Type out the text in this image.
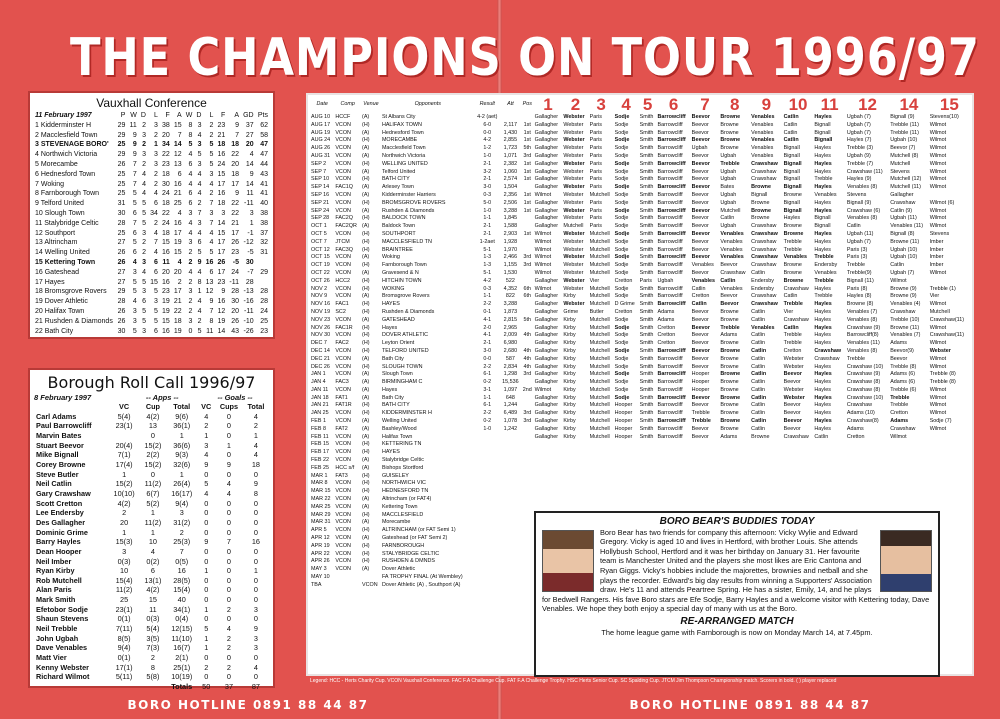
THE CHAMPIONS ON TOUR 1996/97
Vauxhall Conference
11 February 1997	P	W	D	L	F	A	W	D	L	F	A	GD	Pts
1 Kidderminster H	29	11	2	3	38	15	8	3	2	23	9	37	62
2 Macclesfield Town	29	9	3	2	20	7	8	4	2	21	7	27	58
3 STEVENAGE BORO'	25	9	2	1	34	14	5	3	5	18	18	20	47
4 Northwich Victoria	29	9	3	3	22	12	4	5	5	16	22	4	47
5 Morecambe	26	7	2	3	23	13	6	3	5	24	20	14	44
6 Hednesford Town	25	7	4	2	18	6	4	4	3	15	18	9	43
7 Woking	25	7	4	2	30	16	4	4	4	17	17	14	41
8 Farnborough Town	25	5	4	4	24	21	6	4	2	16	9	11	41
9 Telford United	31	5	5	6	18	25	6	2	7	18	22	-11	40
10 Slough Town	30	6	5	34	22	4	3	7	3	3	22	3	38
11 Stalybridge Celtic	28	7	5	2	24	16	4	3	7	14	21	1	38
12 Southport	25	6	3	4	18	17	4	4	4	15	17	-1	37
13 Altrincham	27	5	2	7	15	19	3	6	4	17	26	-12	32
14 Welling United	26	6	2	4	16	15	2	5	5	17	23	-5	31
15 Kettering Town	26	4	3	6	11	4	2	9	16	26	-5	30	
16 Gateshead	27	3	4	6	20	20	4	4	6	17	24	-7	29
17 Hayes	27	5	5	15	16	2	2	8	13	23	-11	28	
18 Bromsgrove Rovers	29	5	3	5	23	17	3	1	12	9	28	-13	28
19 Dover Athletic	28	4	6	3	19	21	2	4	9	16	30	-16	28
20 Halifax Town	26	3	5	5	19	22	2	4	7	12	20	-11	24
21 Rushden & Diamonds	26	3	5	5	15	18	3	2	8	19	26	-10	25
22 Bath City	30	5	3	6	16	19	0	5	11	14	43	-26	23
Borough Roll Call 1996/97
8 February 1997	-- Apps --	-- Goals --
	VC	Cup	Total	VC	Cups	Total
Carl Adams	5(4)	4(2)	9(6)	4	0	4
Paul Barrowcliff	23(1)	13	36(1)	2	0	2
Marvin Bates		0	1	1	0	1
Stuart Beevor	20(4)	15(2)	36(6)	3	1	4
Mike Bignall	7(1)	2(2)	9(3)	4	0	4
Corey Browne	17(4)	15(2)	32(6)	9	9	18
Steve Butler	1	0	1	0	0	0
Neil Catlin	15(2)	11(2)	26(4)	5	4	9
Gary Crawshaw	10(10)	6(7)	16(17)	4	4	8
Scott Cretton	4(2)	5(2)	9(4)	0	0	0
Lee Endersby	2	1	3	0	0	0
Des Gallagher	20	11(2)	31(2)	0	0	0
Dominic Grime	1	1	2	0	0	0
Barry Hayles	15(3)	10	25(3)	9	7	16
Dean Hooper	3	4	7	0	0	0
Neil Imber	0(3)	0(2)	0(5)	0	0	0
Ryan Kirby	10	6	16	1	0	1
Rob Mutchell	15(4)	13(1)	28(5)	0	0	0
Alan Paris	11(2)	4(2)	15(4)	0	0	0
Mark Smith	25	15	40	0	0	0
Efetobor Sodje	23(1)	11	34(1)	1	2	3
Shaun Stevens	0(1)	0(3)	0(4)	0	0	0
Neil Trebble	7(11)	5(4)	12(15)	5	4	9
John Ugbah	8(5)	3(5)	11(10)	1	2	3
Dave Venables	9(4)	7(3)	16(7)	1	2	3
Matt Vier	0(1)	2	2(1)	0	0	0
Kenny Webster	17(1)	8	25(1)	2	2	4
Richard Wilmot	5(11)	5(8)	10(19)	0	0	0
			Totals	50	37	87
Date	Comp	Venue	Opponents	Result	Att	Pos	1	2	3	4	5	6	7	8	9	10	11	12	14	15
AUG 10	HCCF	(A)	St Albans City	4-2 (aet)			Gallagher	Webster	Paris	Sodje	Smith	Barrowcliff	Beevor	Browne	Venables	Catlin	Hayles	Ugbah (7)	Bignall (9)	Stevens(10)
AUG 17	VCON	(H)	HALIFAX TOWN	6-0	2,117	1st	Gallagher	Webster	Paris	Sodje	Smith	Barrowcliff	Beevor	Browne	Venables	Catlin	Bignall	Ugbah (7)	Trebble (11)	Wilmot
AUG 19	VCON	(A)	Hednesford Town	0-0	1,430	1st	Gallagher	Webster	Paris	Sodje	Smith	Barrowcliff	Beevor	Browne	Venables	Catlin	Bignall	Ugbah (7)	Trebble (11)	Wilmot
AUG 24	VCON	(H)	MORECAMBE	4-2	2,855	1st	Gallagher	Webster	Paris	Sodje	Smith	Barrowcliff	Beevor	Browne	Venables	Catlin	Bignall	Hayles (7)	Ugbah (10)	Wilmot
AUG 26	VCON	(A)	Macclesfield Town	1-2	1,723	5th	Gallagher	Webster	Paris	Sodje	Smith	Barrowcliff	Ugbah	Browne	Venables	Bignall	Hayles	Trebble (3)	Beevor (7)	Wilmot
AUG 31	VCON	(A)	Northwich Victoria	1-0	1,071	3rd	Gallagher	Webster	Paris	Sodje	Smith	Barrowcliff	Beevor	Ugbah	Venables	Bignall	Hayles	Ugbah (9)	Mutchell (8)	Wilmot
SEP 2	VCON	(H)	WELLING UNITED	2-1	2,382	1st	Gallagher	Webster	Paris	Sodje	Smith	Barrowcliff	Beevor	Trebble	Crawshaw	Bignall	Hayles	Trebble (7)	Mutchell	Wilmot
SEP 7	VCON	(A)	Telford United	3-2	1,060	1st	Gallagher	Webster	Paris	Sodje	Smith	Barrowcliff	Beevor	Ugbah	Crawshaw	Bignall	Hayles	Crawshaw (11)	Stevens	Wilmot
SEP 10	VCON	(H)	BATH CITY	2-1	2,574	1st	Gallagher	Webster	Paris	Sodje	Smith	Barrowcliff	Beevor	Ugbah	Crawshaw	Bignall	Trebble	Hayles (9)	Mutchell (12)	Wilmot
SEP 14	FAC1Q	(A)	Arlesey Town	3-0	1,504		Gallagher	Webster	Paris	Sodje	Smith	Barrowcliff	Beevor	Bates	Browne	Bignall	Hayles	Venables (8)	Mutchell (11)	Wilmot
SEP 16	VCON	(A)	Kidderminster Harriers	0-3	2,356	1st	Wilmot	Webster	Mutchell	Sodje	Smith	Barrowcliff	Beevor	Ugbah	Bignall	Browne	Venables	Stevens	Gallagher	
SEP 21	VCON	(H)	BROMSGROVE ROVERS	5-0	2,506	1st	Gallagher	Webster	Paris	Sodje	Smith	Barrowcliff	Beevor	Ugbah	Browne	Bignall	Hayles	Bignall (9)	Crawshaw	Wilmot (6)
SEP 24	VCON	(A)	Rushden & Diamonds	1-0	3,288	1st	Gallagher	Webster	Paris	Sodje	Smith	Barrowcliff	Beevor	Mutchell	Browne	Bignall	Hayles	Crawshaw (6)	Catlin (9)	Wilmot
SEP 28	FAC2Q	(H)	BALDOCK TOWN	1-1	1,845		Gallagher	Webster	Paris	Sodje	Smith	Barrowcliff	Beevor	Catlin	Browne	Hayles	Bignall	Venables (8)	Ugbah (11)	Wilmot
OCT 1	FAC2QR	(A)	Baldock Town	2-1	1,588		Gallagher	Mutchell	Paris	Sodje	Smith	Barrowcliff	Beevor	Ugbah	Crawshaw	Browne	Bignall	Catlin	Venables (11)	Wilmot
OCT 5	VCON	(H)	SOUTHPORT	2-1	2,903	1st	Wilmot	Webster	Mutchell	Sodje	Smith	Barrowcliff	Beevor	Venables	Crawshaw	Browne	Hayles	Ugbah (11)	Bignall (8)	Stevens
OCT 7	JTCM	(H)	MACCLESFIELD TN	1-2aet	1,928		Wilmot	Webster	Mutchell	Sodje	Smith	Barrowcliff	Beevor	Venables	Crawshaw	Trebble	Hayles	Ugbah (7)	Browne (11)	Imber
OCT 12	FAC3Q	(H)	BRAINTREE	5-1	1,970		Wilmot	Webster	Mutchell	Sodje	Smith	Barrowcliff	Beevor	Venables	Crawshaw	Trebble	Hayles	Paris (3)	Ugbah (10)	Imber
OCT 15	VCON	(A)	Woking	1-3	2,466	3rd	Wilmot	Webster	Mutchell	Sodje	Smith	Barrowcliff	Beevor	Venables	Crawshaw	Venables	Trebble	Paris (3)	Ugbah (10)	Imber
OCT 19	VCON	(H)	Farnborough Town	1-3	1,155	3rd	Wilmot	Webster	Mutchell	Sodje	Smith	Barrowcliff	Venables	Beevor	Crawshaw	Browne	Endersby	Trebble	Catlin	Imber
OCT 22	VCON	(A)	Gravesend & N	5-1	1,530		Wilmot	Webster	Mutchell	Sodje	Smith	Barrowcliff	Beevor	Crawshaw	Catlin	Browne	Venables	Trebble(9)	Ugbah (7)	Wilmot
OCT 26	HCC2	(H)	HITCHIN TOWN	4-2	522		Gallagher	Webster	Vier	Cretton	Paris	Ugbah	Venables	Catlin	Endersby	Browne	Trebble	Bignall (11)	Wilmot	
NOV 2	VCON	(H)	WOKING	0-3	4,352	6th	Wilmot	Webster	Mutchell	Sodje	Smith	Barrowcliff	Catlin	Venables	Endersby	Crawshaw	Hayles	Paris (8)	Browne (9)	Trebble (1)
NOV 9	VCON	(A)	Bromsgrove Rovers	1-1	822	6th	Gallagher	Kirby	Mutchell	Sodje	Smith	Barrowcliff	Cretton	Beevor	Crawshaw	Catlin	Trebble	Hayles (8)	Browne (9)	Vier
NOV 16	FAC1	(H)	HAYES	2-2	3,288		Gallagher	Webster	Mutchell	D Grime	Smith	Barrowcliff	Catlin	Beevor	Crawshaw	Trebble	Hayles	Browne (8)	Venables (4)	Wilmot
NOV 19	SC2	(H)	Rushden & Diamonds	0-1	1,873		Gallagher	Grime	Butler	Cretton	Smith	Adams	Beevor	Browne	Catlin	Vier	Hayles	Venables (7)	Crawshaw	Mutchell
NOV 23	VCON	(A)	GATESHEAD	4-1	2,815	5th	Gallagher	Kirby	Mutchell	Sodje	Smith	Adams	Beevor	Browne	Catlin	Crawshaw	Hayles	Venables (8)	Trebble (10)	Crawshaw(11)
NOV 26	FAC1R	(H)	Hayes	2-0	2,965		Gallagher	Kirby	Mutchell	Sodje	Smith	Cretton	Beevor	Trebble	Venables	Catlin	Hayles	Crawshaw (9)	Browne (11)	Wilmot
NOV 30	VCON	(H)	DOVER ATHLETIC	4-1	2,009	4th	Gallagher	Kirby	Mutchell	Sodje	Smith	Cretton	Beevor	Adams	Catlin	Trebble	Hayles	Barrowcliff(8)	Venables (7)	Crawshaw(11)
DEC 7	FAC2	(H)	Leyton Orient	2-1	6,980		Gallagher	Kirby	Mutchell	Sodje	Smith	Cretton	Beevor	Browne	Catlin	Trebble	Hayles	Venables (11)	Adams	Wilmot
DEC 14	VCON	(H)	TELFORD UNITED	3-0	2,680	4th	Gallagher	Kirby	Mutchell	Sodje	Smith	Barrowcliff	Beevor	Browne	Catlin	Cretton	Crawshaw	Venables (8)	Beevor(9)	Webster
DEC 21	VCON	(A)	Bath City	0-0	587	4th	Gallagher	Kirby	Mutchell	Sodje	Smith	Barrowcliff	Beevor	Browne	Catlin	Webster	Crawshaw	Trebble	Beevor	Wilmot
DEC 26	VCON	(H)	SLOUGH TOWN	2-2	2,834	4th	Gallagher	Kirby	Mutchell	Sodje	Smith	Barrowcliff	Beevor	Browne	Catlin	Webster	Hayles	Crawshaw (10)	Trebble (8)	Wilmot
JAN 1	VCON	(A)	Slough Town	6-1	1,298	3rd	Gallagher	Kirby	Mutchell	Sodje	Smith	Barrowcliff	Hooper	Browne	Catlin	Beevor	Hayles	Crawshaw (9)	Adams (6)	Trebble (8)
JAN 4	FAC3	(A)	BIRMINGHAM C	0-2	15,536		Gallagher	Kirby	Mutchell	Sodje	Smith	Barrowcliff	Hooper	Browne	Catlin	Beevor	Hayles	Crawshaw (8)	Adams (6)	Trebble (8)
JAN 11	VCON	(A)	Hayes	3-1	1,097	2nd	Wilmot	Kirby	Mutchell	Sodje	Smith	Barrowcliff	Hooper	Browne	Catlin	Webster	Hayles	Crawshaw (8)	Trebble (6)	Wilmot
JAN 18	FAT1	(A)	Bath City	1-1	648		Gallagher	Kirby	Mutchell	Sodje	Smith	Barrowcliff	Beevor	Browne	Catlin	Webster	Hayles	Crawshaw (10)	Trebble	Wilmot
JAN 21	FAT1R	(H)	BATH CITY	6-1	1,244		Gallagher	Kirby	Mutchell	Hooper	Smith	Barrowcliff	Beevor	Browne	Catlin	Beevor	Hayles	Crawshaw	Trebble	Wilmot
JAN 25	VCON	(H)	KIDDERMINSTER H	2-2	6,489	3rd	Gallagher	Kirby	Mutchell	Hooper	Smith	Barrowcliff	Trebble	Browne	Catlin	Beevor	Hayles	Adams (10)	Cretton	Wilmot
FEB 1	VCON	(A)	Welling United	0-2	1,078	3rd	Gallagher	Kirby	Mutchell	Hooper	Smith	Barrowcliff	Trebble	Browne	Catlin	Beevor	Hayles	Crawshaw(8)	Adams	Sodje (7)
FEB 8	FAT2	(A)	Bashley/Wood	1-0	1,242		Gallagher	Kirby	Mutchell	Hooper	Smith	Barrowcliff	Beevor	Browne	Catlin	Beevor	Hayles	Adams	Crawshaw	Wilmot
FEB 11	VCON	(A)	Halifax Town				Gallagher	Kirby	Mutchell	Hooper	Smith	Barrowcliff	Beevor	Adams	Browne	Crawshaw	Catlin	Cretton	Wilmot	
FEB 15	VCON	(H)	KETTERING TN																	
FEB 17	VCON	(H)	HAYES																	
FEB 22	VCON	(A)	Stalybridge Celtic																	
FEB 25	HCC s/f	(A)	Bishops Stortford																	
MAR 1	FAT3	(H)	GUISELEY																	
MAR 8	VCON	(H)	NORTHWICH VIC																	
MAR 15	VCON	(H)	HEDNESFORD TN																	
MAR 22	VCON	(A)	Altrincham (or FAT4)																	
MAR 25	VCON	(A)	Kettering Town																	
MAR 29	VCON	(H)	MACCLESFIELD																	
MAR 31	VCON	(A)	Morecambe																	
APR 5	VCON	(H)	ALTRINCHAM (or FAT Semi 1)																	
APR 12	VCON	(A)	Gateshead (or FAT Semi 2)																	
APR 19	VCON	(H)	FARNBOROUGH																	
APR 22	VCON	(H)	STALYBRIDGE CELTIC																	
APR 26	VCON	(H)	RUSHDEN & DMNDS																	
MAY 3	VCON	(A)	Dover Athletic																	
MAY 10			FA TROPHY FINAL (At Wembley)																	
TBA		VCON	Dover Athletic (A) , Southport (A)																	
BORO BEAR'S BUDDIES TODAY

Boro Bear has two friends for company this afternoon: Vicky Wylie and Edward Gregory. Vicky is aged 10 and lives in Hertford, with brother Louis. She attends Hollybush School, Hertford and it was her birthday on January 31. Her favourite team is Manchester United and the players she most likes are Eric Cantona and Ryan Giggs. Vicky's hobbies include the majorettes, brownies and netball and she plays the recorder. Edward's big day results from winning a Supporters' Association draw. He's 11 and attends Peartree Spring. He has a sister, Emily, 14, and he plays for Bedwell Rangers. His fave Boro stars are Efe Sodje, Barry Hayles and a welcome visitor with Kettering today, Dave Venables. We hope they both enjoy a special day of many with us at the Boro.

RE-ARRANGED MATCH

The home league game with Farnborough is now on Monday March 14, at 7.45pm.

Legend: HCC - Herts Charity Cup. VCON Vauxhall Conference. FAC F.A Challenge Cup. FAT F.A Challenge Trophy. HSC Herts Senior Cup. SC Spalding Cup. JTCM Jim Thompson Championship match. Scorers in bold. ( ) player replaced
BORO HOTLINE 0891 88 44 87	BORO HOTLINE 0891 88 44 87
